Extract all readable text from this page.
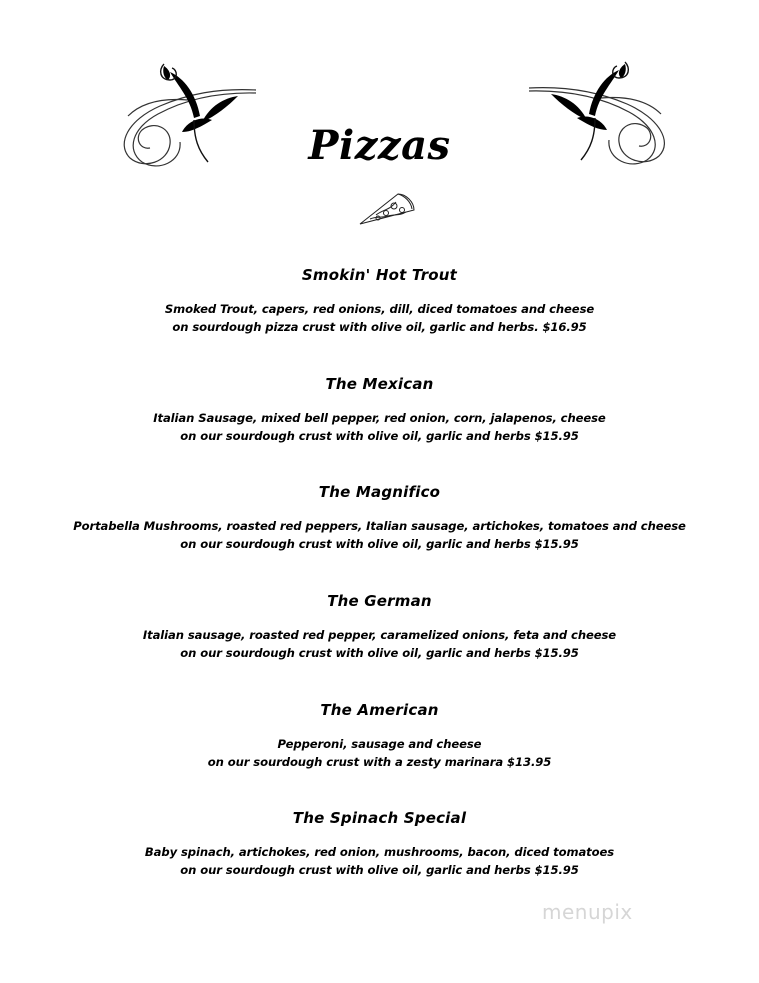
Pizzas
Smokin' Hot Trout
Smoked Trout, capers, red onions, dill, diced tomatoes and cheese
on sourdough pizza crust with olive oil, garlic and herbs. $16.95
The Mexican
Italian Sausage, mixed bell pepper, red onion, corn, jalapenos, cheese
on our sourdough crust with olive oil, garlic and herbs $15.95
The Magnifico
Portabella Mushrooms, roasted red peppers, Italian sausage, artichokes, tomatoes and cheese
on our sourdough crust with olive oil, garlic and herbs $15.95
The German
Italian sausage, roasted red pepper, caramelized onions, feta and cheese
on our sourdough crust with olive oil, garlic and herbs $15.95
The American
Pepperoni, sausage and cheese
on our sourdough crust with a zesty marinara $13.95
The Spinach Special
Baby spinach, artichokes, red onion, mushrooms, bacon, diced tomatoes
on our sourdough crust with olive oil, garlic and herbs $15.95
menupix
